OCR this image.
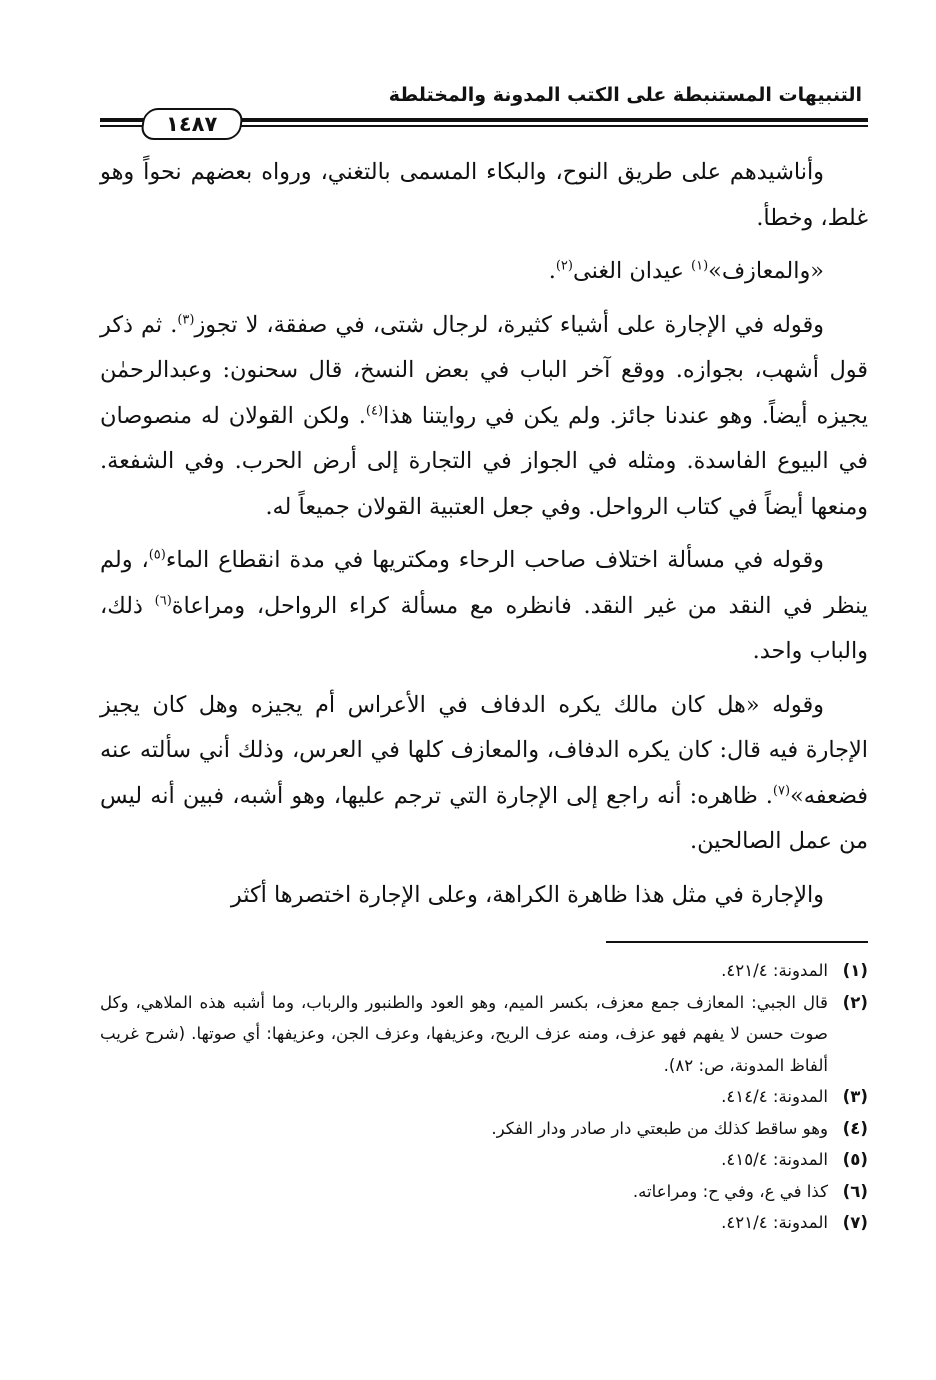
التنبيهات المستنبطة على الكتب المدونة والمختلطة
١٤٨٧

وأناشيدهم على طريق النوح، والبكاء المسمى بالتغني، ورواه بعضهم نحواً وهو غلط، وخطأ.

«والمعازف»$^{(١)}$ عيدان الغنى$^{(٢)}$.

وقوله في الإجارة على أشياء كثيرة، لرجال شتى، في صفقة، لا تجوز$^{(٣)}$. ثم ذكر قول أشهب، بجوازه. ووقع آخر الباب في بعض النسخ، قال سحنون: وعبدالرحمٰن يجيزه أيضاً. وهو عندنا جائز. ولم يكن في روايتنا هذا$^{(٤)}$. ولكن القولان له منصوصان في البيوع الفاسدة. ومثله في الجواز في التجارة إلى أرض الحرب. وفي الشفعة. ومنعها أيضاً في كتاب الرواحل. وفي جعل العتبية القولان جميعاً له.

وقوله في مسألة اختلاف صاحب الرحاء ومكتريها في مدة انقطاع الماء$^{(٥)}$، ولم ينظر في النقد من غير النقد. فانظره مع مسألة كراء الرواحل، ومراعاة$^{(٦)}$ ذلك، والباب واحد.

وقوله «هل كان مالك يكره الدفاف في الأعراس أم يجيزه وهل كان يجيز الإجارة فيه قال: كان يكره الدفاف، والمعازف كلها في العرس، وذلك أني سألته عنه فضعفه»$^{(٧)}$. ظاهره: أنه راجع إلى الإجارة التي ترجم عليها، وهو أشبه، فبين أنه ليس من عمل الصالحين.

والإجارة في مثل هذا ظاهرة الكراهة، وعلى الإجارة اختصرها أكثر

(١)
المدونة: ٤٢١/٤.
(٢)
قال الجبي: المعازف جمع معزف، بكسر الميم، وهو العود والطنبور والرباب، وما أشبه هذه الملاهي، وكل صوت حسن لا يفهم فهو عزف، ومنه عزف الريح، وعزيفها، وعزف الجن، وعزيفها: أي صوتها. (شرح غريب ألفاظ المدونة، ص: ٨٢).
(٣)
المدونة: ٤١٤/٤.
(٤)
وهو ساقط كذلك من طبعتي دار صادر ودار الفكر.
(٥)
المدونة: ٤١٥/٤.
(٦)
كذا في ع، وفي ح: ومراعاته.
(٧)
المدونة: ٤٢١/٤.
